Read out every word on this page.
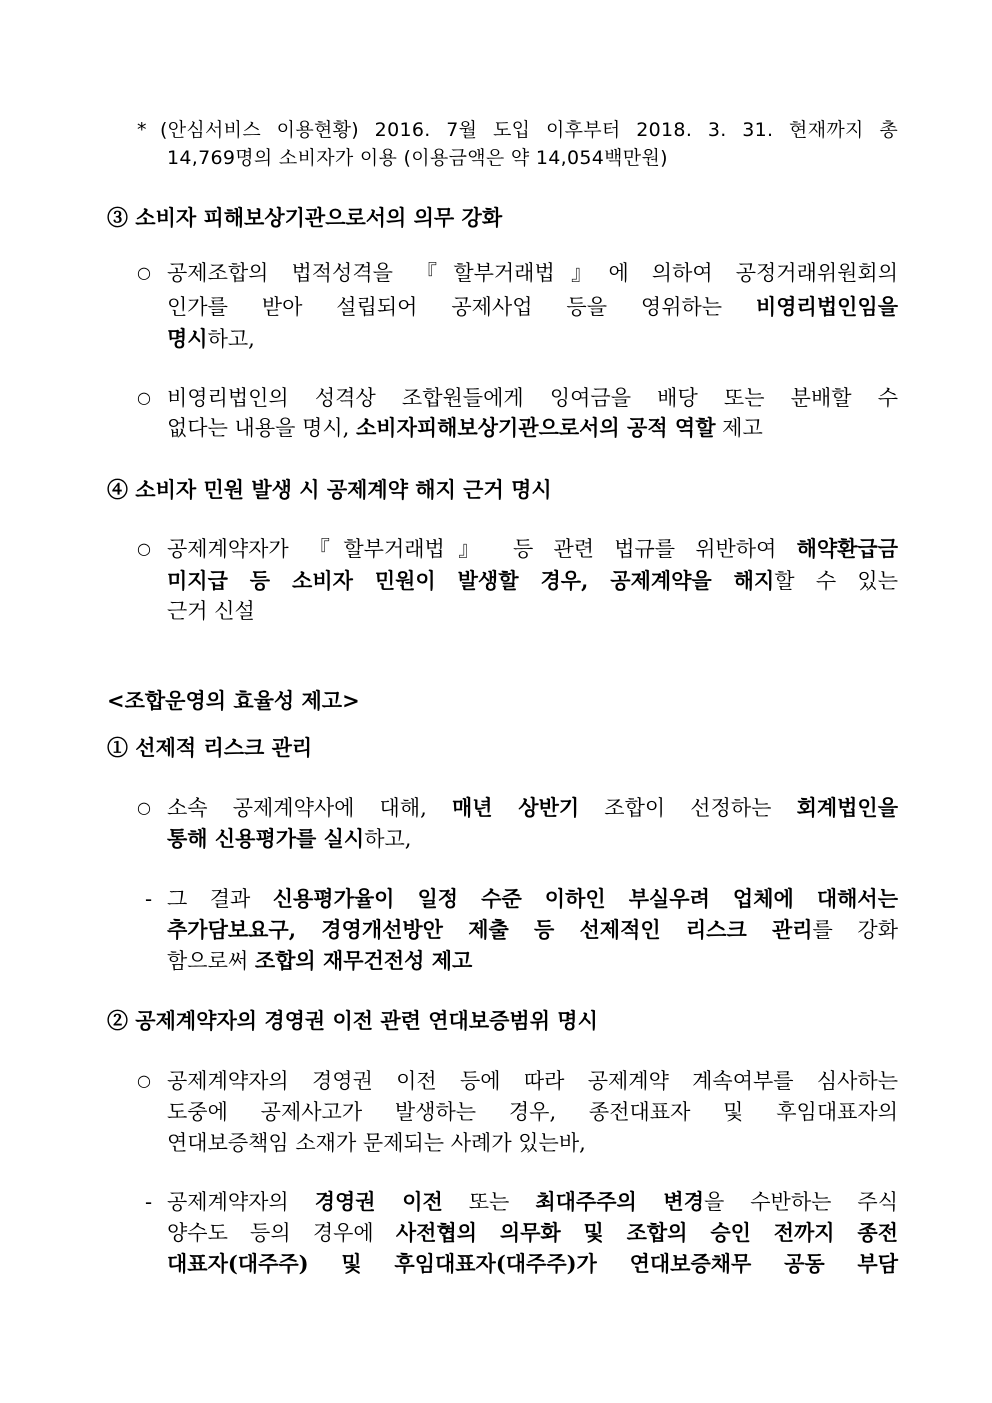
* (안심서비스 이용현황) 2016. 7월 도입 이후부터 2018. 3. 31. 현재까지 총
14,769명의 소비자가 이용 (이용금액은 약 14,054백만원)
③ 소비자 피해보상기관으로서의 의무 강화
○ 공제조합의 법적성격을 『할부거래법』에 의하여 공정거래위원회의
인가를 받아 설립되어 공제사업 등을 영위하는 비영리법인임을
명시하고,
○ 비영리법인의 성격상 조합원들에게 잉여금을 배당 또는 분배할 수
없다는 내용을 명시, 소비자피해보상기관으로서의 공적 역할 제고
④ 소비자 민원 발생 시 공제계약 해지 근거 명시
○ 공제계약자가 『할부거래법』 등 관련 법규를 위반하여 해약환급금
미지급 등 소비자 민원이 발생할 경우, 공제계약을 해지할 수 있는
근거 신설
<조합운영의 효율성 제고>
① 선제적 리스크 관리
○ 소속 공제계약사에 대해, 매년 상반기 조합이 선정하는 회계법인을
통해 신용평가를 실시하고,
- 그 결과 신용평가율이 일정 수준 이하인 부실우려 업체에 대해서는
추가담보요구, 경영개선방안 제출 등 선제적인 리스크 관리를 강화
함으로써 조합의 재무건전성 제고
② 공제계약자의 경영권 이전 관련 연대보증범위 명시
○ 공제계약자의 경영권 이전 등에 따라 공제계약 계속여부를 심사하는
도중에 공제사고가 발생하는 경우, 종전대표자 및 후임대표자의
연대보증책임 소재가 문제되는 사례가 있는바,
- 공제계약자의 경영권 이전 또는 최대주주의 변경을 수반하는 주식
양수도 등의 경우에 사전협의 의무화 및 조합의 승인 전까지 종전
대표자(대주주) 및 후임대표자(대주주)가 연대보증채무 공동 부담
